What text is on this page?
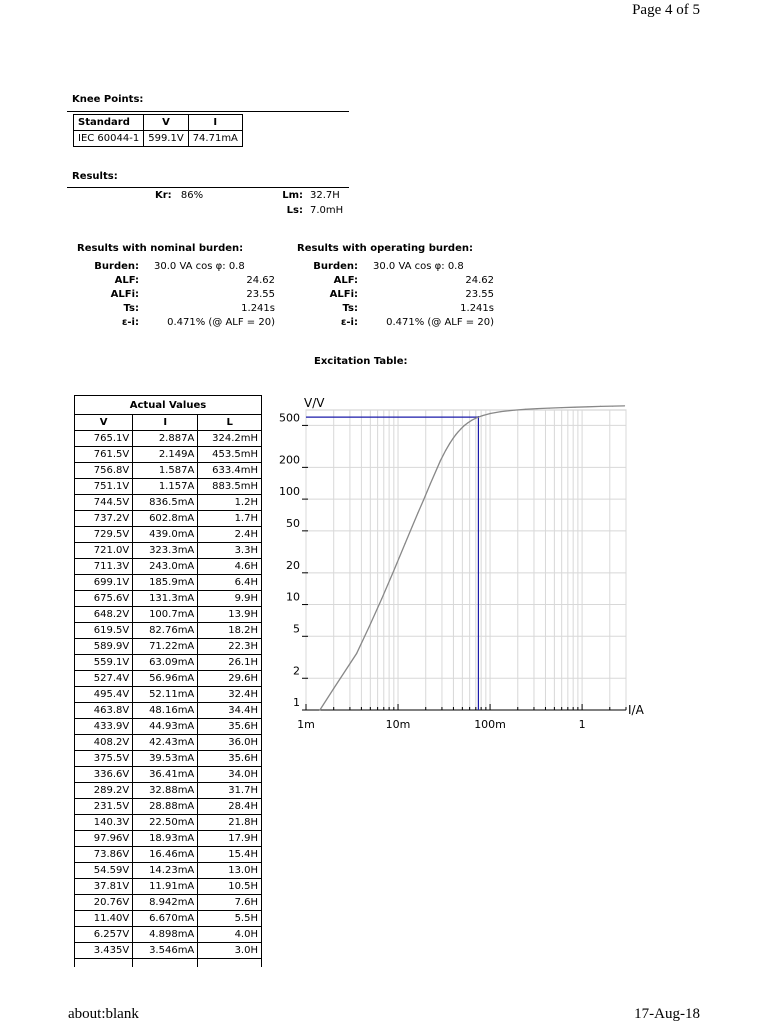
Page 4 of 5
about:blank	17-Aug-18
Knee Points:
Standard	V	I
IEC 60044-1	599.1V	74.71mA
Results:
Kr: 86%	Lm: 32.7H
Ls: 7.0mH
Results with nominal burden:
Burden: 30.0 VA cos φ: 0.8
ALF:	24.62
ALFi:	23.55
Ts:	1.241s
ε-i:	0.471% (@ ALF = 20)
Results with operating burden:
Burden: 30.0 VA cos φ: 0.8
ALF:	24.62
ALFi:	23.55
Ts:	1.241s
ε-i:	0.471% (@ ALF = 20)
Excitation Table:
Actual Values		
V	I	L
765.1V	2.887A	324.2mH
761.5V	2.149A	453.5mH
756.8V	1.587A	633.4mH
751.1V	1.157A	883.5mH
744.5V	836.5mA	1.2H
737.2V	602.8mA	1.7H
729.5V	439.0mA	2.4H
721.0V	323.3mA	3.3H
711.3V	243.0mA	4.6H
699.1V	185.9mA	6.4H
675.6V	131.3mA	9.9H
648.2V	100.7mA	13.9H
619.5V	82.76mA	18.2H
589.9V	71.22mA	22.3H
559.1V	63.09mA	26.1H
527.4V	56.96mA	29.6H
495.4V	52.11mA	32.4H
463.8V	48.16mA	34.4H
433.9V	44.93mA	35.6H
408.2V	42.43mA	36.0H
375.5V	39.53mA	35.6H
336.6V	36.41mA	34.0H
289.2V	32.88mA	31.7H
231.5V	28.88mA	28.4H
140.3V	22.50mA	21.8H
97.96V	18.93mA	17.9H
73.86V	16.46mA	15.4H
54.59V	14.23mA	13.0H
37.81V	11.91mA	10.5H
20.76V	8.942mA	7.6H
11.40V	6.670mA	5.5H
6.257V	4.898mA	4.0H
3.435V	3.546mA	3.0H

500
200
100
50
20
10
5
2
1
1m	10m	100m	1
V/V
I/A
